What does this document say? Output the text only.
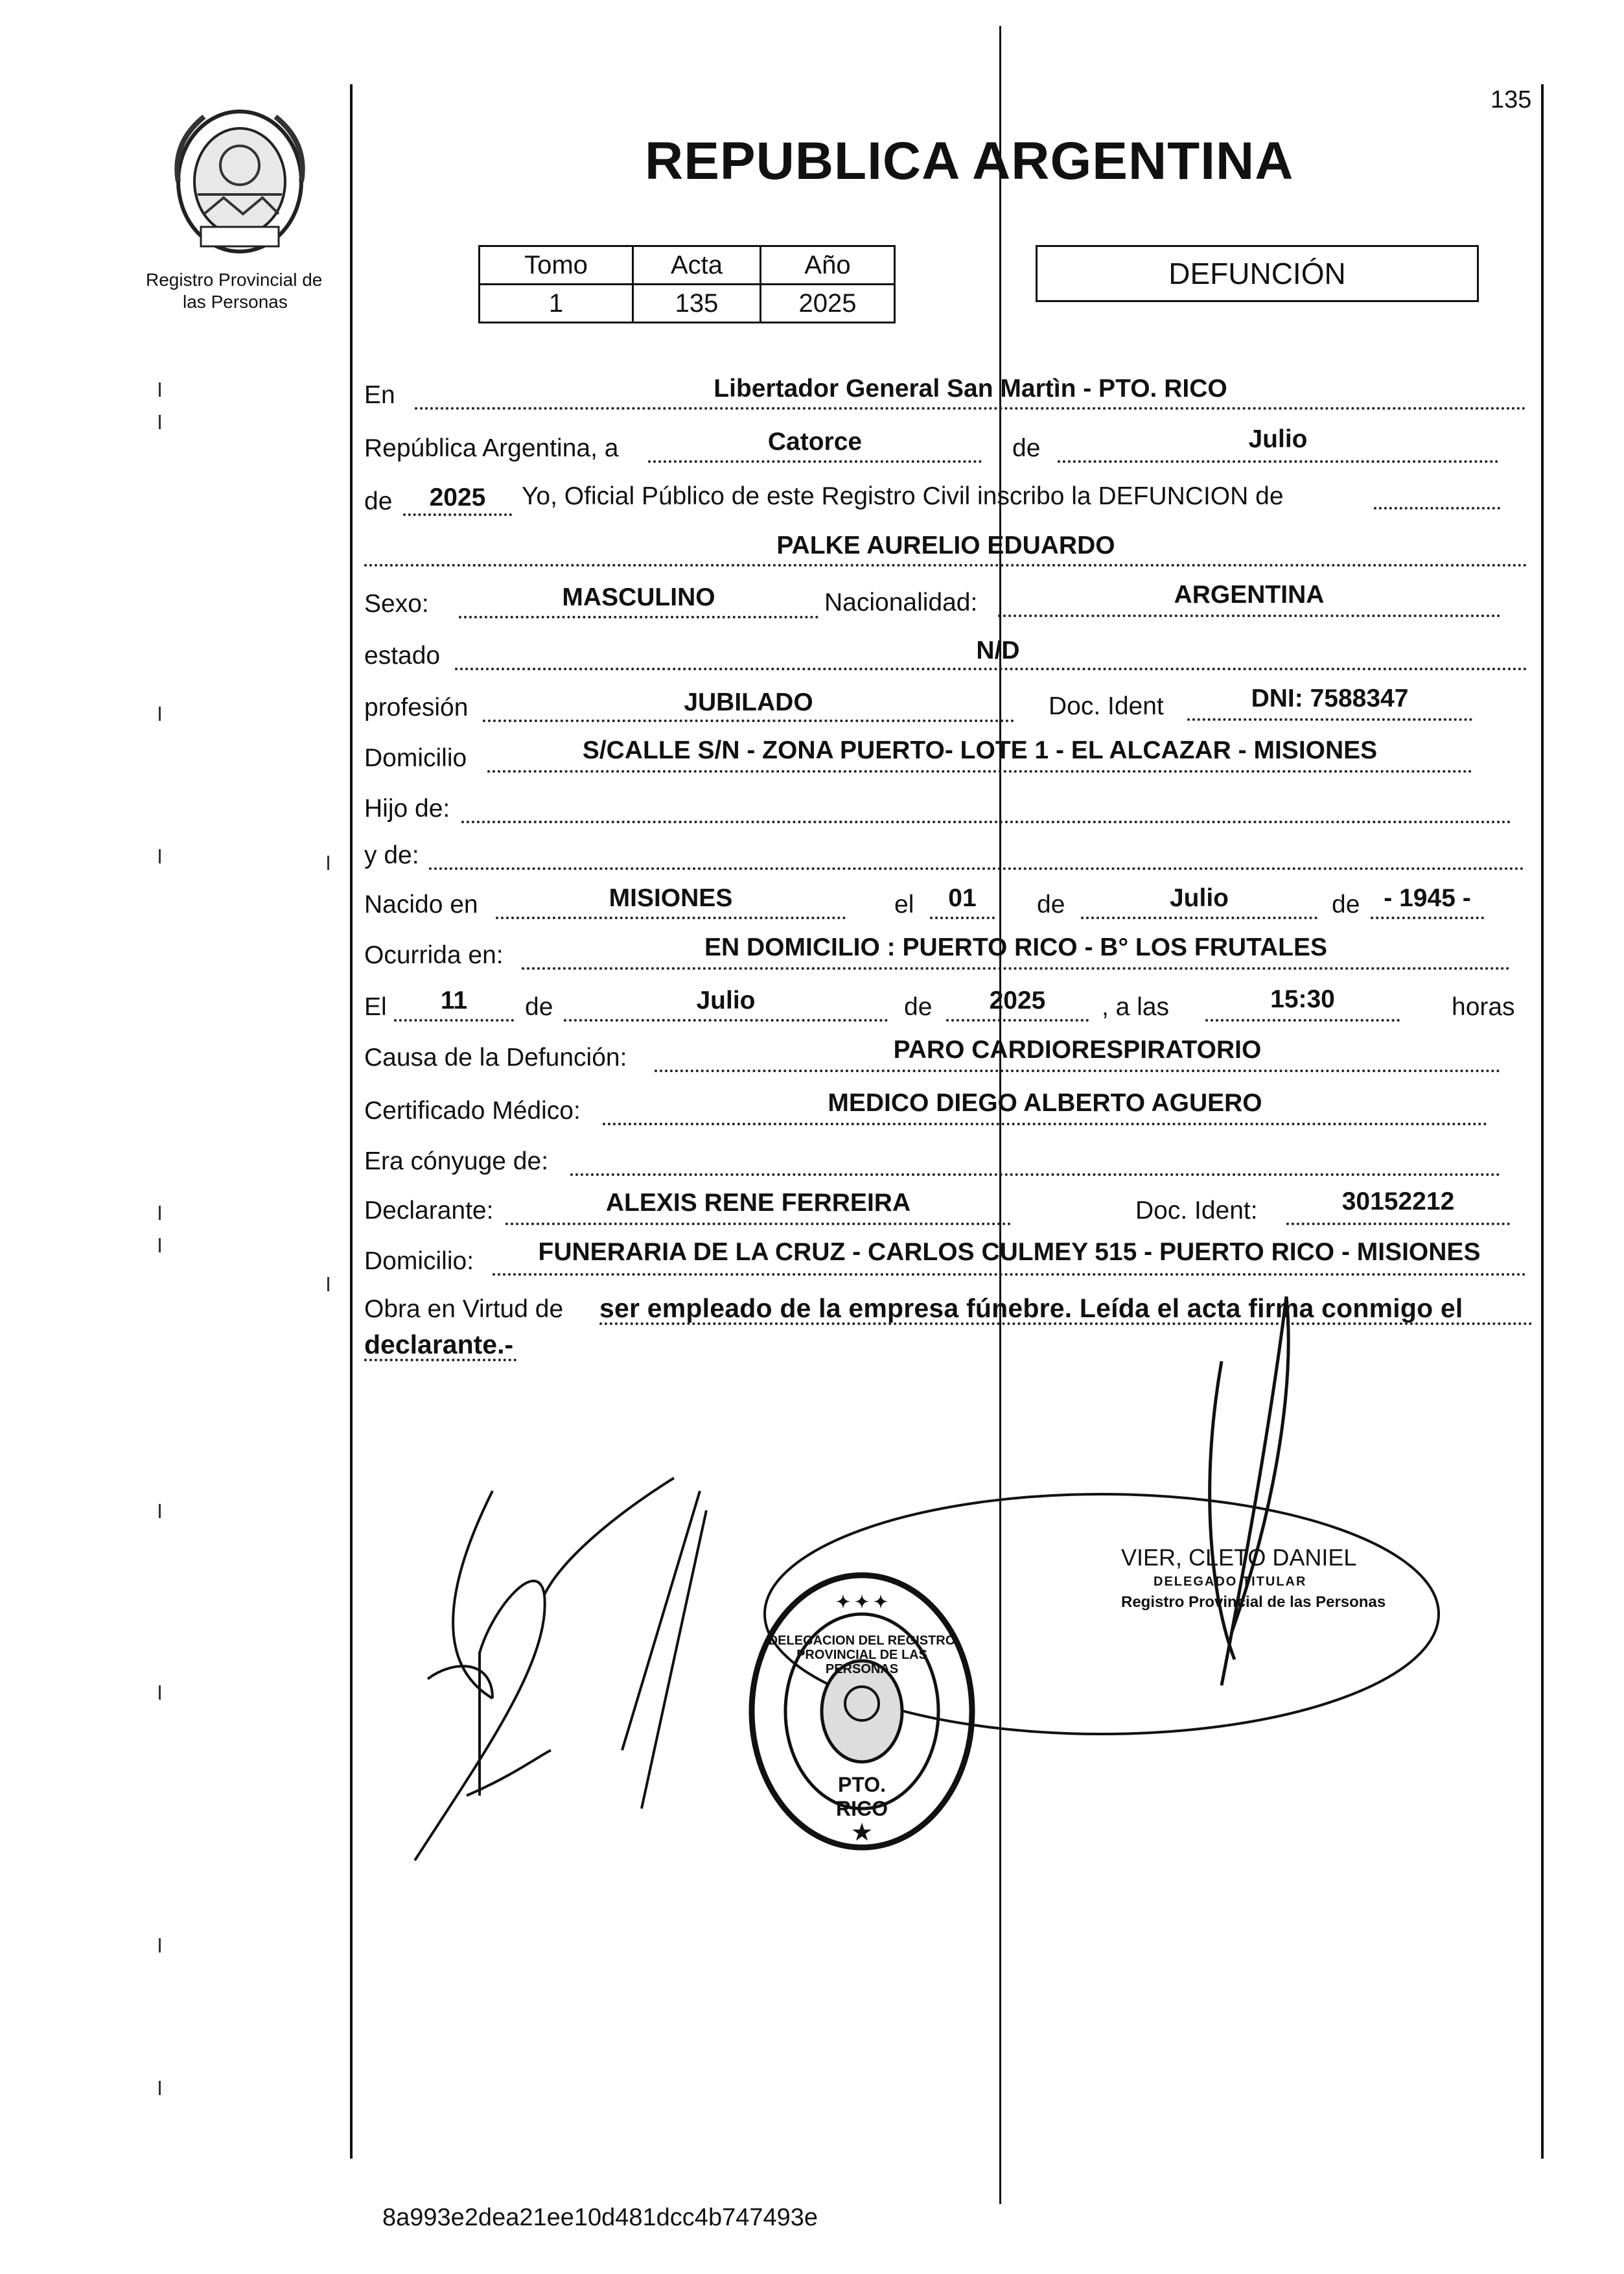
Registro Provincial de
las Personas
135
REPUBLICA ARGENTINA
Tomo	Acta	Año
1	135	2025
DEFUNCIÓN
En	Libertador General San Martìn - PTO. RICO
República Argentina, a	Catorce	de	Julio
de	2025	Yo, Oficial Público de este Registro Civil inscribo la DEFUNCION de
PALKE AURELIO EDUARDO
Sexo:	MASCULINO	Nacionalidad:	ARGENTINA
estado	N/D
profesión	JUBILADO	Doc. Ident	DNI: 7588347
Domicilio	S/CALLE S/N - ZONA PUERTO- LOTE 1 - EL ALCAZAR - MISIONES
Hijo de:
y de:
Nacido en	MISIONES	el	01	de	Julio	de - 1945 -
Ocurrida en:	EN DOMICILIO : PUERTO RICO - B° LOS FRUTALES
El	11	de	Julio	de	2025	, a las	15:30	horas
Causa de la Defunción:	PARO CARDIORESPIRATORIO
Certificado Médico:	MEDICO DIEGO ALBERTO AGUERO
Era cónyuge de:
Declarante:	ALEXIS RENE FERREIRA	Doc. Ident:	30152212
Domicilio:	FUNERARIA DE LA CRUZ - CARLOS CULMEY 515 - PUERTO RICO - MISIONES
Obra en Virtud de ser empleado de la empresa fúnebre. Leída el acta firma conmigo el
declarante.-
✦ ✦ ✦
★
DELEGACION DEL REGISTRO PROVINCIAL DE LAS PERSONAS
PTO. RICO
VIER, CLETO DANIEL
DELEGADO TITULAR
Registro Provincial de las Personas
8a993e2dea21ee10d481dcc4b747493e
